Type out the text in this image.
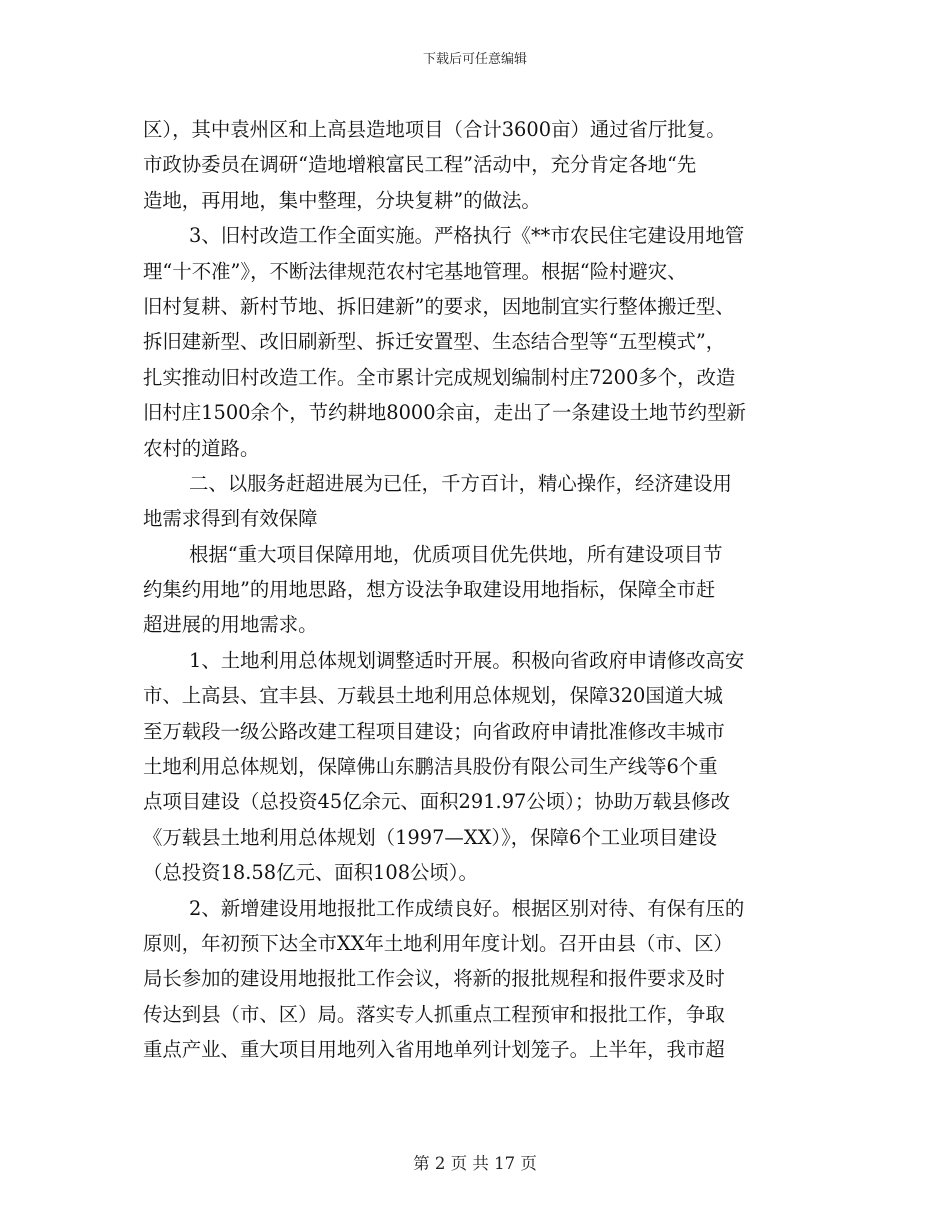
下载后可任意编辑
区），其中袁州区和上高县造地项目（合计3600亩）通过省厅批复。
市政协委员在调研“造地增粮富民工程”活动中，充分肯定各地“先
造地，再用地，集中整理，分块复耕”的做法。
3、旧村改造工作全面实施。严格执行《**市农民住宅建设用地管
理“十不准”》，不断法律规范农村宅基地管理。根据“险村避灾、
旧村复耕、新村节地、拆旧建新”的要求，因地制宜实行整体搬迁型、
拆旧建新型、改旧刷新型、拆迁安置型、生态结合型等“五型模式”，
扎实推动旧村改造工作。全市累计完成规划编制村庄7200多个，改造
旧村庄1500余个，节约耕地8000余亩，走出了一条建设土地节约型新
农村的道路。
二、以服务赶超进展为已任，千方百计，精心操作，经济建设用
地需求得到有效保障
根据“重大项目保障用地，优质项目优先供地，所有建设项目节
约集约用地”的用地思路，想方设法争取建设用地指标，保障全市赶
超进展的用地需求。
1、土地利用总体规划调整适时开展。积极向省政府申请修改高安
市、上高县、宜丰县、万载县土地利用总体规划，保障320国道大城
至万载段一级公路改建工程项目建设；向省政府申请批准修改丰城市
土地利用总体规划，保障佛山东鹏洁具股份有限公司生产线等6个重
点项目建设（总投资45亿余元、面积291.97公顷）；协助万载县修改
《万载县土地利用总体规划（1997—XX）》，保障6个工业项目建设
（总投资18.58亿元、面积108公顷）。
2、新增建设用地报批工作成绩良好。根据区别对待、有保有压的
原则，年初预下达全市XX年土地利用年度计划。召开由县（市、区）
局长参加的建设用地报批工作会议，将新的报批规程和报件要求及时
传达到县（市、区）局。落实专人抓重点工程预审和报批工作，争取
重点产业、重大项目用地列入省用地单列计划笼子。上半年，我市超
第 2 页 共 17 页
